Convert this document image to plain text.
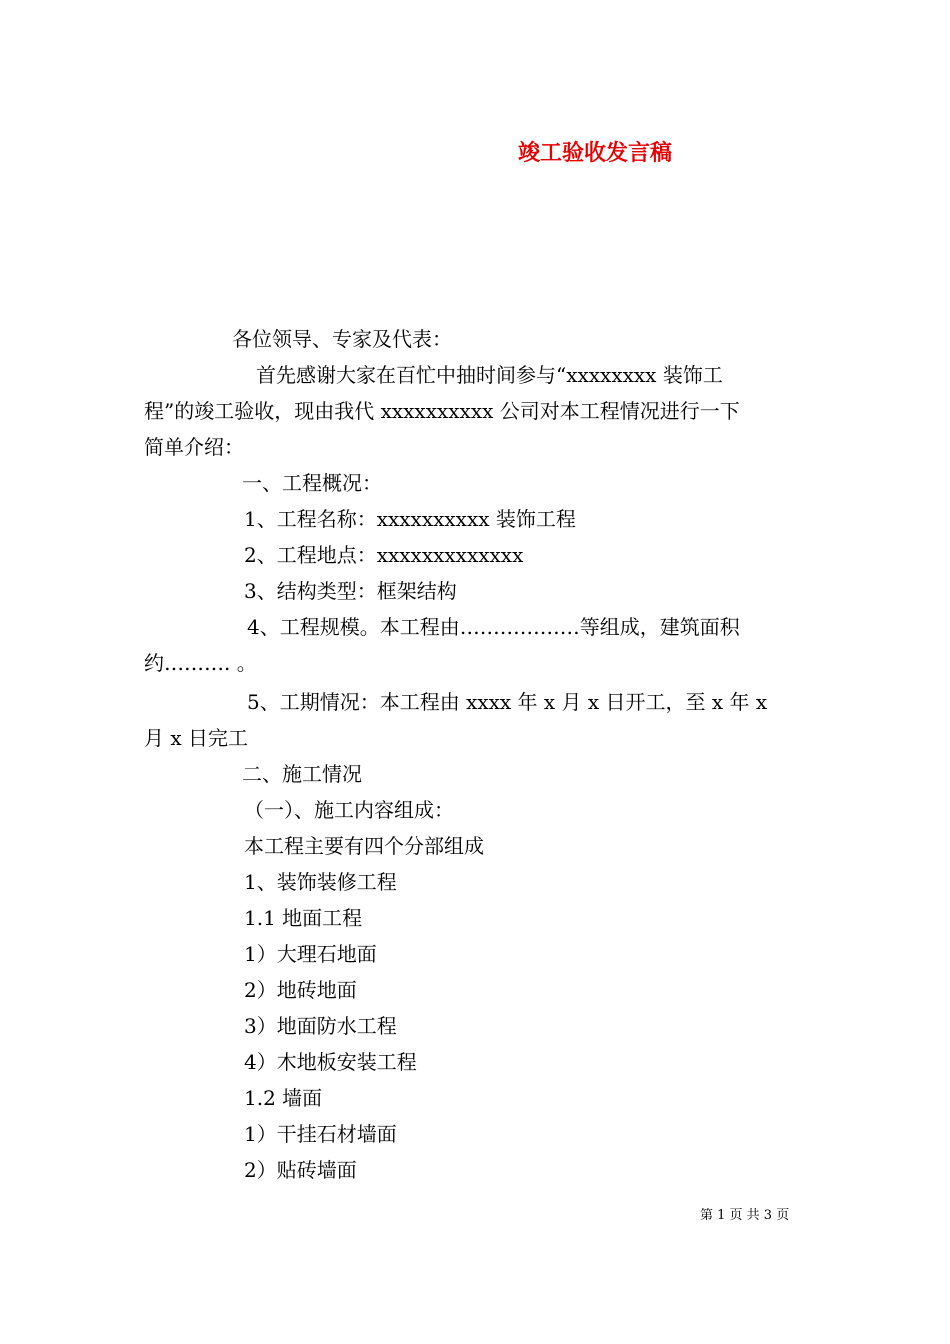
竣工验收发言稿
各位领导、专家及代表：
首先感谢大家在百忙中抽时间参与“xxxxxxxx 装饰工
程”的竣工验收，现由我代 xxxxxxxxxx 公司对本工程情况进行一下
简单介绍：
一、工程概况：
1、工程名称：xxxxxxxxxx 装饰工程
2、工程地点：xxxxxxxxxxxxx
3、结构类型：框架结构
4、工程规模。本工程由………………等组成，建筑面积
约………. 。
5、工期情况：本工程由 xxxx 年 x 月 x 日开工，至 x 年 x
月 x 日完工
二、施工情况
（一）、施工内容组成：
本工程主要有四个分部组成
1、装饰装修工程
1.1 地面工程
1）大理石地面
2）地砖地面
3）地面防水工程
4）木地板安装工程
1.2 墙面
1）干挂石材墙面
2）贴砖墙面
第 1 页 共 3 页
